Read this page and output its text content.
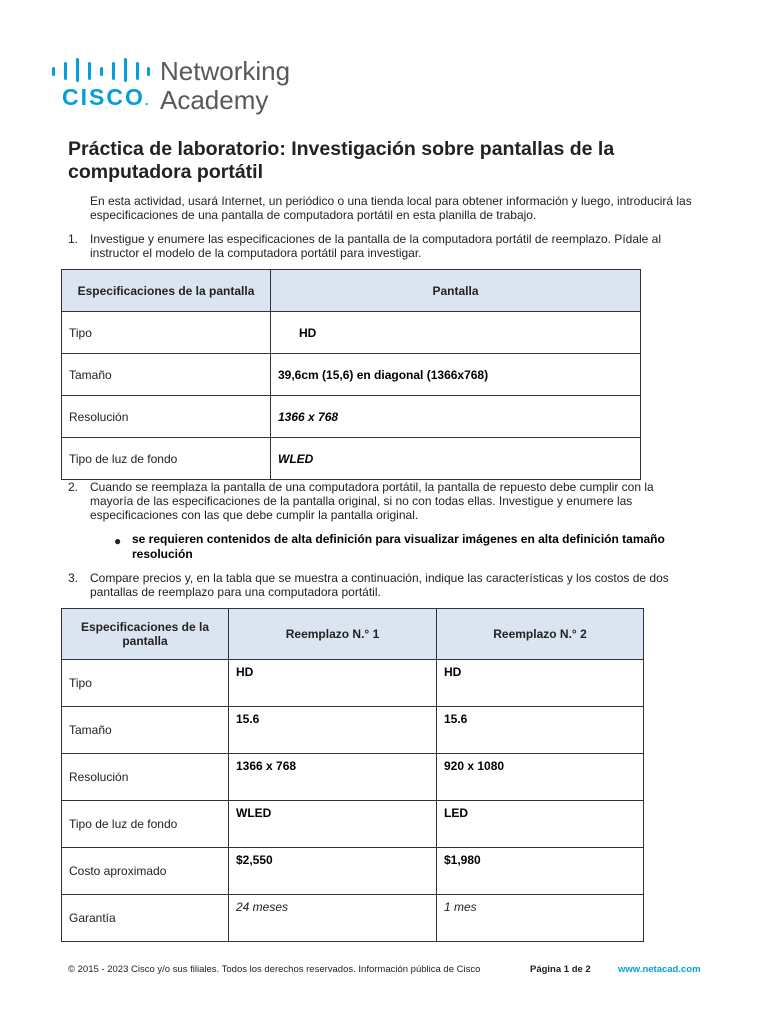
CISCO.
Networking
Academy
Práctica de laboratorio: Investigación sobre pantallas de la computadora portátil
En esta actividad, usará Internet, un periódico o una tienda local para obtener información y luego, introducirá las especificaciones de una pantalla de computadora portátil en esta planilla de trabajo.
1. Investigue y enumere las especificaciones de la pantalla de la computadora portátil de reemplazo. Pídale al instructor el modelo de la computadora portátil para investigar.
Especificaciones de la pantalla	Pantalla
Tipo	HD
Tamaño	39,6cm (15,6) en diagonal (1366x768)
Resolución	1366 x 768
Tipo de luz de fondo	WLED
2. Cuando se reemplaza la pantalla de una computadora portátil, la pantalla de repuesto debe cumplir con la mayoría de las especificaciones de la pantalla original, si no con todas ellas. Investigue y enumere las especificaciones con las que debe cumplir la pantalla original.
● se requieren contenidos de alta definición para visualizar imágenes en alta definición tamaño resolución
3. Compare precios y, en la tabla que se muestra a continuación, indique las características y los costos de dos pantallas de reemplazo para una computadora portátil.
Especificaciones de la pantalla	Reemplazo N.° 1	Reemplazo N.° 2
Tipo	HD	HD
Tamaño	15.6	15.6
Resolución	1366 x 768	920 x 1080
Tipo de luz de fondo	WLED	LED
Costo aproximado	$2,550	$1,980
Garantía	24 meses	1 mes
© 2015 - 2023 Cisco y/o sus filiales. Todos los derechos reservados. Información pública de Cisco	Página 1 de 2	www.netacad.com
